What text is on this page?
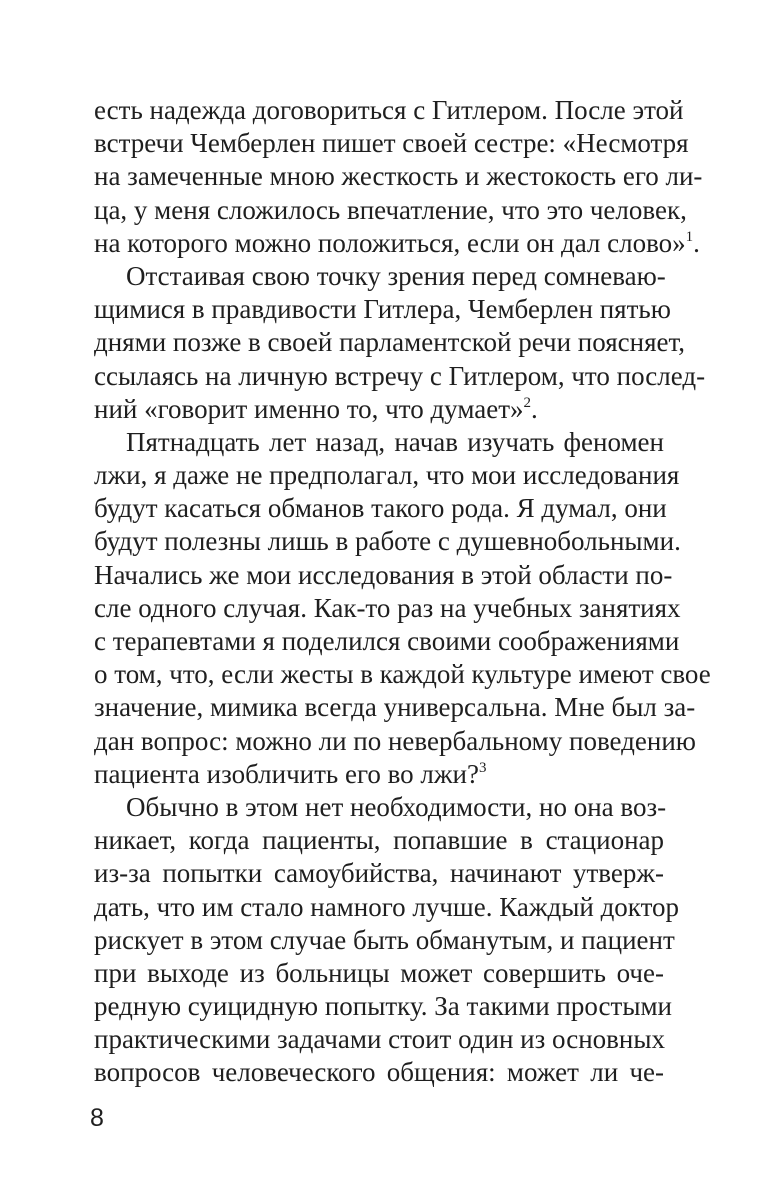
есть надежда договориться с Гитлером. После этой
встречи Чемберлен пишет своей сестре: «Несмотря
на замеченные мною жесткость и жестокость его ли-
ца, у меня сложилось впечатление, что это человек,
на которого можно положиться, если он дал слово»$^1$.
Отстаивая свою точку зрения перед сомневаю-
щимися в правдивости Гитлера, Чемберлен пятью
днями позже в своей парламентской речи поясняет,
ссылаясь на личную встречу с Гитлером, что послед-
ний «говорит именно то, что думает»$^2$.
Пятнадцать лет назад, начав изучать феномен
лжи, я даже не предполагал, что мои исследования
будут касаться обманов такого рода. Я думал, они
будут полезны лишь в работе с душевнобольными.
Начались же мои исследования в этой области по-
сле одного случая. Как-то раз на учебных занятиях
с терапевтами я поделился своими соображениями
о том, что, если жесты в каждой культуре имеют свое
значение, мимика всегда универсальна. Мне был за-
дан вопрос: можно ли по невербальному поведению
пациента изобличить его во лжи?$^3$
Обычно в этом нет необходимости, но она воз-
никает, когда пациенты, попавшие в стационар
из-за попытки самоубийства, начинают утверж-
дать, что им стало намного лучше. Каждый доктор
рискует в этом случае быть обманутым, и пациент
при выходе из больницы может совершить оче-
редную суицидную попытку. За такими простыми
практическими задачами стоит один из основных
вопросов человеческого общения: может ли че-
8
